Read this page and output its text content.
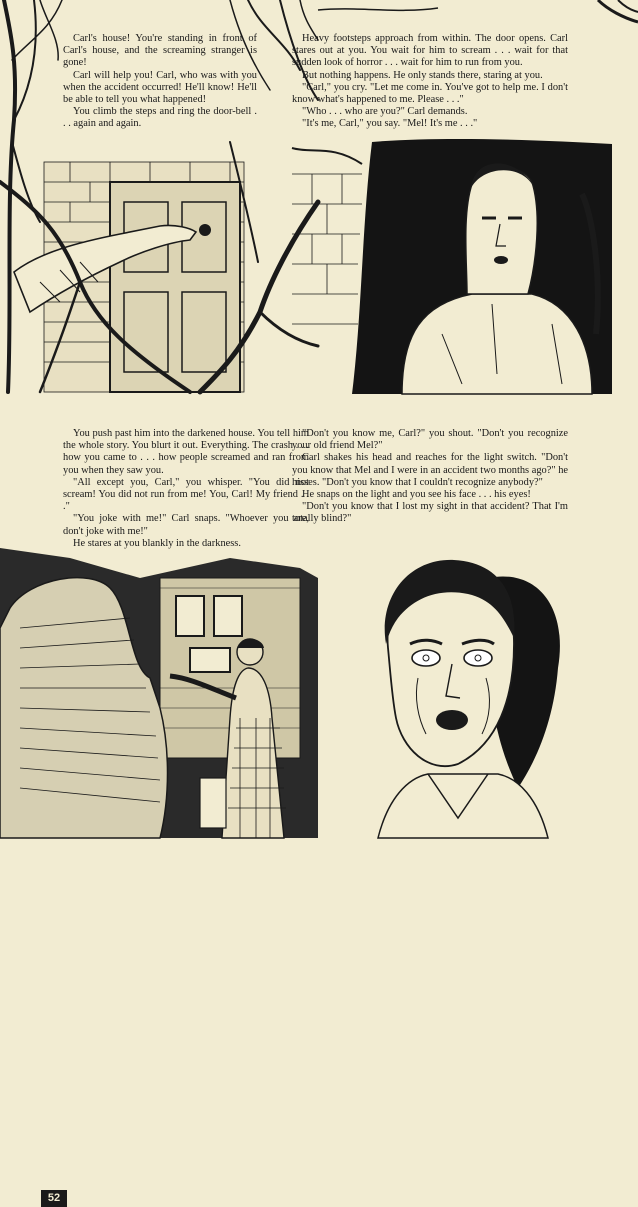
Carl's house! You're standing in front of Carl's house, and the screaming stranger is gone!

Carl will help you! Carl, who was with you when the accident occurred! He'll know! He'll be able to tell you what happened!

You climb the steps and ring the door-bell . . . again and again.

Heavy footsteps approach from within. The door opens. Carl stares out at you. You wait for him to scream . . . wait for that sudden look of horror . . . wait for him to run from you.

But nothing happens. He only stands there, staring at you.

"Carl," you cry. "Let me come in. You've got to help me. I don't know what's happened to me. Please . . ."

"Who . . . who are you?" Carl demands.

"It's me, Carl," you say. "Mel! It's me . . ."

You push past him into the darkened house. You tell him the whole story. You blurt it out. Everything. The crash . . . how you came to . . . how people screamed and ran from you when they saw you.

"All except you, Carl," you whisper. "You did not scream! You did not run from me! You, Carl! My friend . . ."

"You joke with me!" Carl snaps. "Whoever you are, don't joke with me!"

He stares at you blankly in the darkness.

52

"Don't you know me, Carl?" you shout. "Don't you recognize your old friend Mel?"

Carl shakes his head and reaches for the light switch. "Don't you know that Mel and I were in an accident two months ago?" he hisses. "Don't you know that I couldn't recognize anybody?"

He snaps on the light and you see his face . . . his eyes!

"Don't you know that I lost my sight in that accident? That I'm totally blind?"
